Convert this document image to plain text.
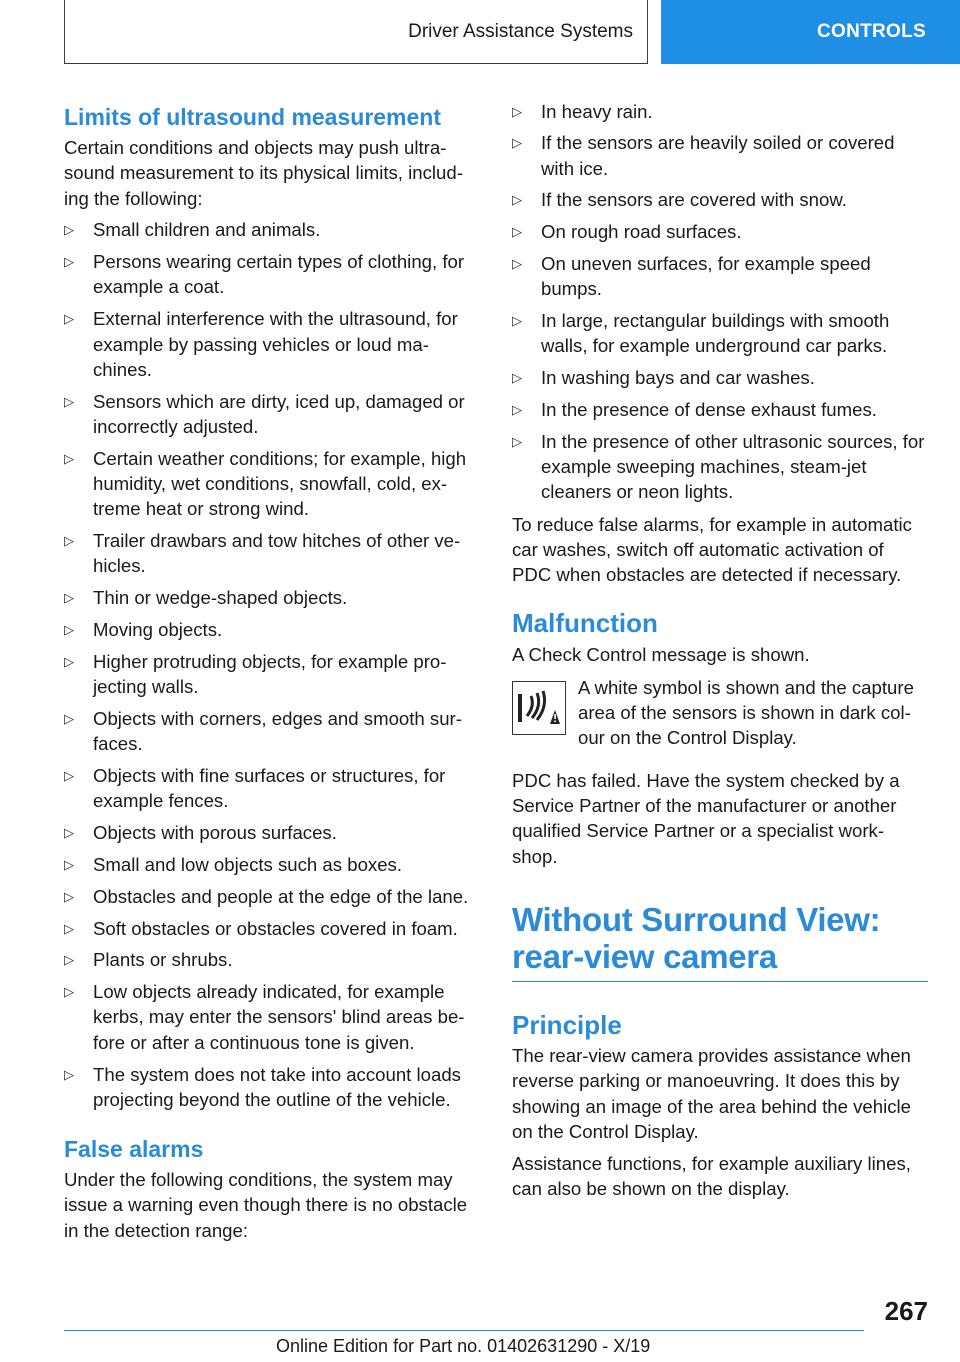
Driver Assistance Systems	CONTROLS
Limits of ultrasound measurement

Certain conditions and objects may push ultra-sound measurement to its physical limits, includ-ing the following:

▷ Small children and animals.
▷ Persons wearing certain types of clothing, for example a coat.
▷ External interference with the ultrasound, for example by passing vehicles or loud ma-chines.
▷ Sensors which are dirty, iced up, damaged or incorrectly adjusted.
▷ Certain weather conditions; for example, high humidity, wet conditions, snowfall, cold, ex-treme heat or strong wind.
▷ Trailer drawbars and tow hitches of other ve-hicles.
▷ Thin or wedge-shaped objects.
▷ Moving objects.
▷ Higher protruding objects, for example pro-jecting walls.
▷ Objects with corners, edges and smooth sur-faces.
▷ Objects with fine surfaces or structures, for example fences.
▷ Objects with porous surfaces.
▷ Small and low objects such as boxes.
▷ Obstacles and people at the edge of the lane.
▷ Soft obstacles or obstacles covered in foam.
▷ Plants or shrubs.
▷ Low objects already indicated, for example kerbs, may enter the sensors' blind areas be-fore or after a continuous tone is given.
▷ The system does not take into account loads projecting beyond the outline of the vehicle.
False alarms

Under the following conditions, the system may issue a warning even though there is no obstacle in the detection range:

▷ In heavy rain.
▷ If the sensors are heavily soiled or covered with ice.
▷ If the sensors are covered with snow.
▷ On rough road surfaces.
▷ On uneven surfaces, for example speed bumps.
▷ In large, rectangular buildings with smooth walls, for example underground car parks.
▷ In washing bays and car washes.
▷ In the presence of dense exhaust fumes.
▷ In the presence of other ultrasonic sources, for example sweeping machines, steam-jet cleaners or neon lights.

To reduce false alarms, for example in automatic car washes, switch off automatic activation of PDC when obstacles are detected if necessary.

Malfunction

A Check Control message is shown.

A white symbol is shown and the capture area of the sensors is shown in dark col-our on the Control Display.

PDC has failed. Have the system checked by a Service Partner of the manufacturer or another qualified Service Partner or a specialist work-shop.

Without Surround View: rear-view camera
Principle

The rear-view camera provides assistance when reverse parking or manoeuvring. It does this by showing an image of the area behind the vehicle on the Control Display.

Assistance functions, for example auxiliary lines, can also be shown on the display.

267
Online Edition for Part no. 01402631290 - X/19
